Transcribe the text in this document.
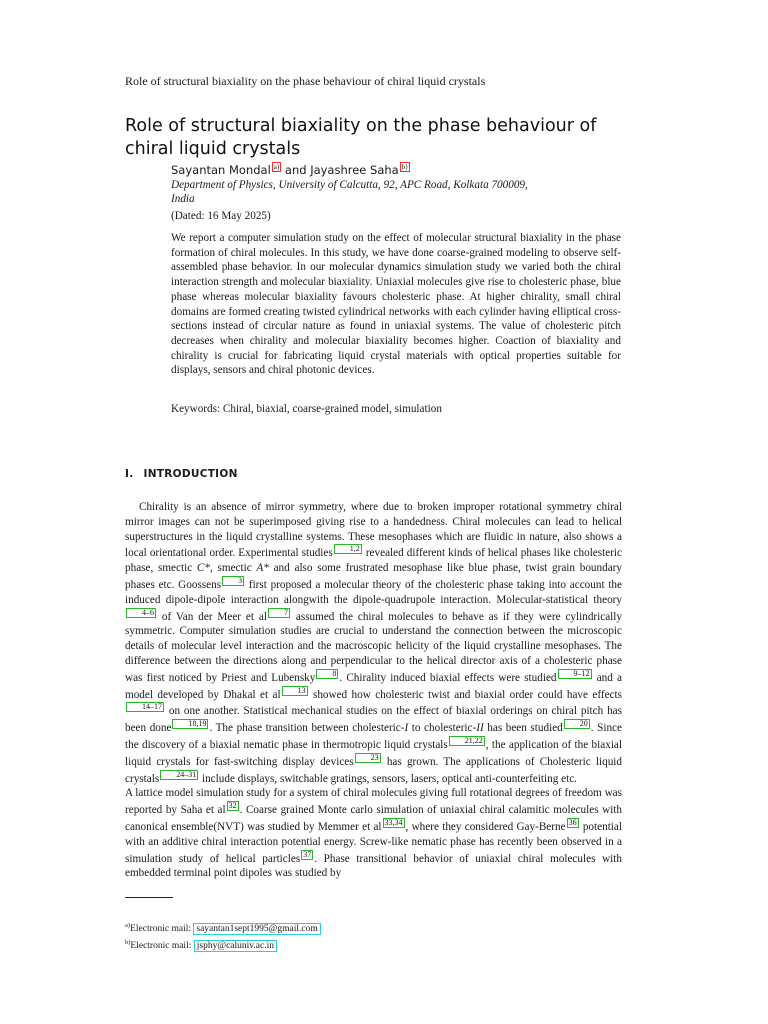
Role of structural biaxiality on the phase behaviour of chiral liquid crystals
Role of structural biaxiality on the phase behaviour of chiral liquid crystals
Sayantan Mondal a) and Jayashree Saha b)
Department of Physics, University of Calcutta, 92, APC Road, Kolkata 700009, India
(Dated: 16 May 2025)
We report a computer simulation study on the effect of molecular structural biaxiality in the phase formation of chiral molecules. In this study, we have done coarse-grained modeling to observe self-assembled phase behavior. In our molecular dynamics simulation study we varied both the chiral interaction strength and molecular biaxiality. Uniaxial molecules give rise to cholesteric phase, blue phase whereas molecular biaxiality favours cholesteric phase. At higher chirality, small chiral domains are formed creating twisted cylindrical networks with each cylinder having elliptical cross-sections instead of circular nature as found in uniaxial systems. The value of cholesteric pitch decreases when chirality and molecular biaxiality becomes higher. Coaction of biaxiality and chirality is crucial for fabricating liquid crystal materials with optical properties suitable for displays, sensors and chiral photonic devices.
Keywords: Chiral, biaxial, coarse-grained model, simulation
I. INTRODUCTION

Chirality is an absence of mirror symmetry, where due to broken improper rotational symmetry chiral mirror images can not be superimposed giving rise to a handedness. Chiral molecules can lead to helical superstructures in the liquid crystalline systems. These mesophases which are fluidic in nature, also shows a local orientational order. Experimental studies 1,2 revealed different kinds of helical phases like cholesteric phase, smectic C*, smectic A* and also some frustrated mesophase like blue phase, twist grain boundary phases etc. Goossens 3 first proposed a molecular theory of the cholesteric phase taking into account the induced dipole-dipole interaction alongwith the dipole-quadrupole interaction. Molecular-statistical theory4–6 of Van der Meer et al 7 assumed the chiral molecules to behave as if they were cylindrically symmetric. Computer simulation studies are crucial to understand the connection between the microscopic details of molecular level interaction and the macroscopic helicity of the liquid crystalline mesophases. The difference between the directions along and perpendicular to the helical director axis of a cholesteric phase was first noticed by Priest and Lubensky 8 . Chirality induced biaxial effects were studied 9–12 and a model developed by Dhakal et al 13 showed how cholesteric twist and biaxial order could have effects14–17 on one another. Statistical mechanical studies on the effect of biaxial orderings on chiral pitch has been done 18,19 . The phase transition between cholesteric-I to cholesteric-II has been studied 20 . Since the discovery of a biaxial nematic phase in thermotropic liquid crystals 21,22 , the application of the biaxial liquid crystals for fast-switching display devices 23 has grown. The applications of Cholesteric liquid crystals 24–31 include displays, switchable gratings, sensors, lasers, optical anti-counterfeiting etc.

A lattice model simulation study for a system of chiral molecules giving full rotational degrees of freedom was reported by Saha et al 32 . Coarse grained Monte carlo simulation of uniaxial chiral calamitic molecules with canonical ensemble(NVT) was studied by Memmer et al 33,34 , where they considered Gay-Berne 36 potential with an additive chiral interaction potential energy. Screw-like nematic phase has recently been observed in a simulation study of helical particles 37 . Phase transitional behavior of uniaxial chiral molecules with embedded terminal point dipoles was studied by

$^{a)}$Electronic mail: sayantan1sept1995@gmail.com
$^{b)}$Electronic mail: jsphy@caluniv.ac.in
